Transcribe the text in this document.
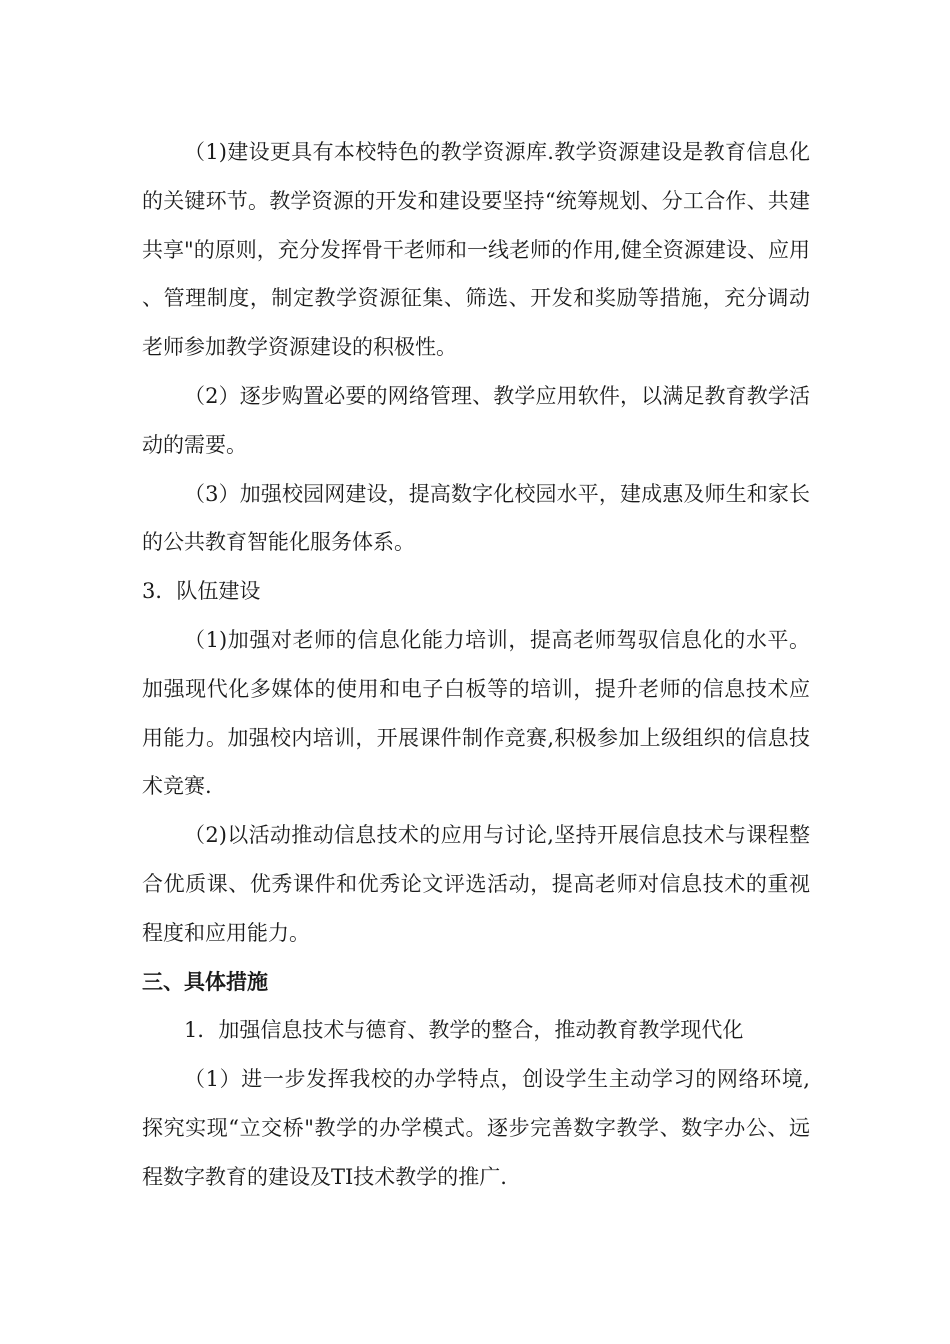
（1)建设更具有本校特色的教学资源库.教学资源建设是教育信息化的关键环节。教学资源的开发和建设要坚持“统筹规划、分工合作、共建共享"的原则，充分发挥骨干老师和一线老师的作用,健全资源建设、应用、管理制度，制定教学资源征集、筛选、开发和奖励等措施，充分调动老师参加教学资源建设的积极性。

（2）逐步购置必要的网络管理、教学应用软件，以满足教育教学活动的需要。

（3）加强校园网建设，提高数字化校园水平，建成惠及师生和家长的公共教育智能化服务体系。

3．队伍建设

（1)加强对老师的信息化能力培训，提高老师驾驭信息化的水平。加强现代化多媒体的使用和电子白板等的培训，提升老师的信息技术应用能力。加强校内培训，开展课件制作竞赛,积极参加上级组织的信息技术竞赛.

（2)以活动推动信息技术的应用与讨论,坚持开展信息技术与课程整合优质课、优秀课件和优秀论文评选活动，提高老师对信息技术的重视程度和应用能力。

三、具体措施

1．加强信息技术与德育、教学的整合，推动教育教学现代化

（1）进一步发挥我校的办学特点，创设学生主动学习的网络环境,探究实现“立交桥"教学的办学模式。逐步完善数字教学、数字办公、远程数字教育的建设及TI技术教学的推广.
